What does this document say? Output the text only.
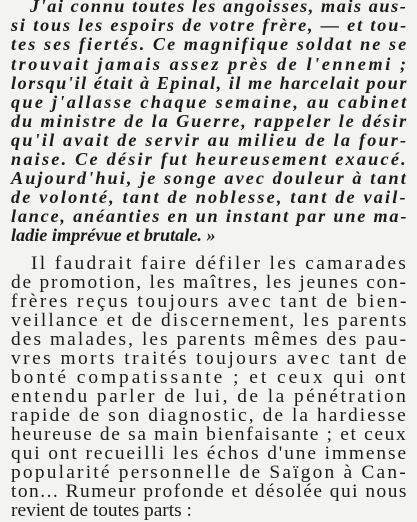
J'ai connu toutes les angoisses, mais aus-
si tous les espoirs de votre frère, — et tou-
tes ses fiertés. Ce magnifique soldat ne se
trouvait jamais assez près de l'ennemi ;
lorsqu'il était à Epinal, il me harcelait pour
que j'allasse chaque semaine, au cabinet
du ministre de la Guerre, rappeler le désir
qu'il avait de servir au milieu de la four-
naise. Ce désir fut heureusement exaucé.
Aujourd'hui, je songe avec douleur à tant
de volonté, tant de noblesse, tant de vail-
lance, anéanties en un instant par une ma-
ladie imprévue et brutale. »
Il faudrait faire défiler les camarades
de promotion, les maîtres, les jeunes con-
frères reçus toujours avec tant de bien-
veillance et de discernement, les parents
des malades, les parents mêmes des pau-
vres morts traités toujours avec tant de
bonté compatissante ; et ceux qui ont
entendu parler de lui, de la pénétration
rapide de son diagnostic, de la hardiesse
heureuse de sa main bienfaisante ; et ceux
qui ont recueilli les échos d'une immense
popularité personnelle de Saïgon à Can-
ton... Rumeur profonde et désolée qui nous
revient de toutes parts :
